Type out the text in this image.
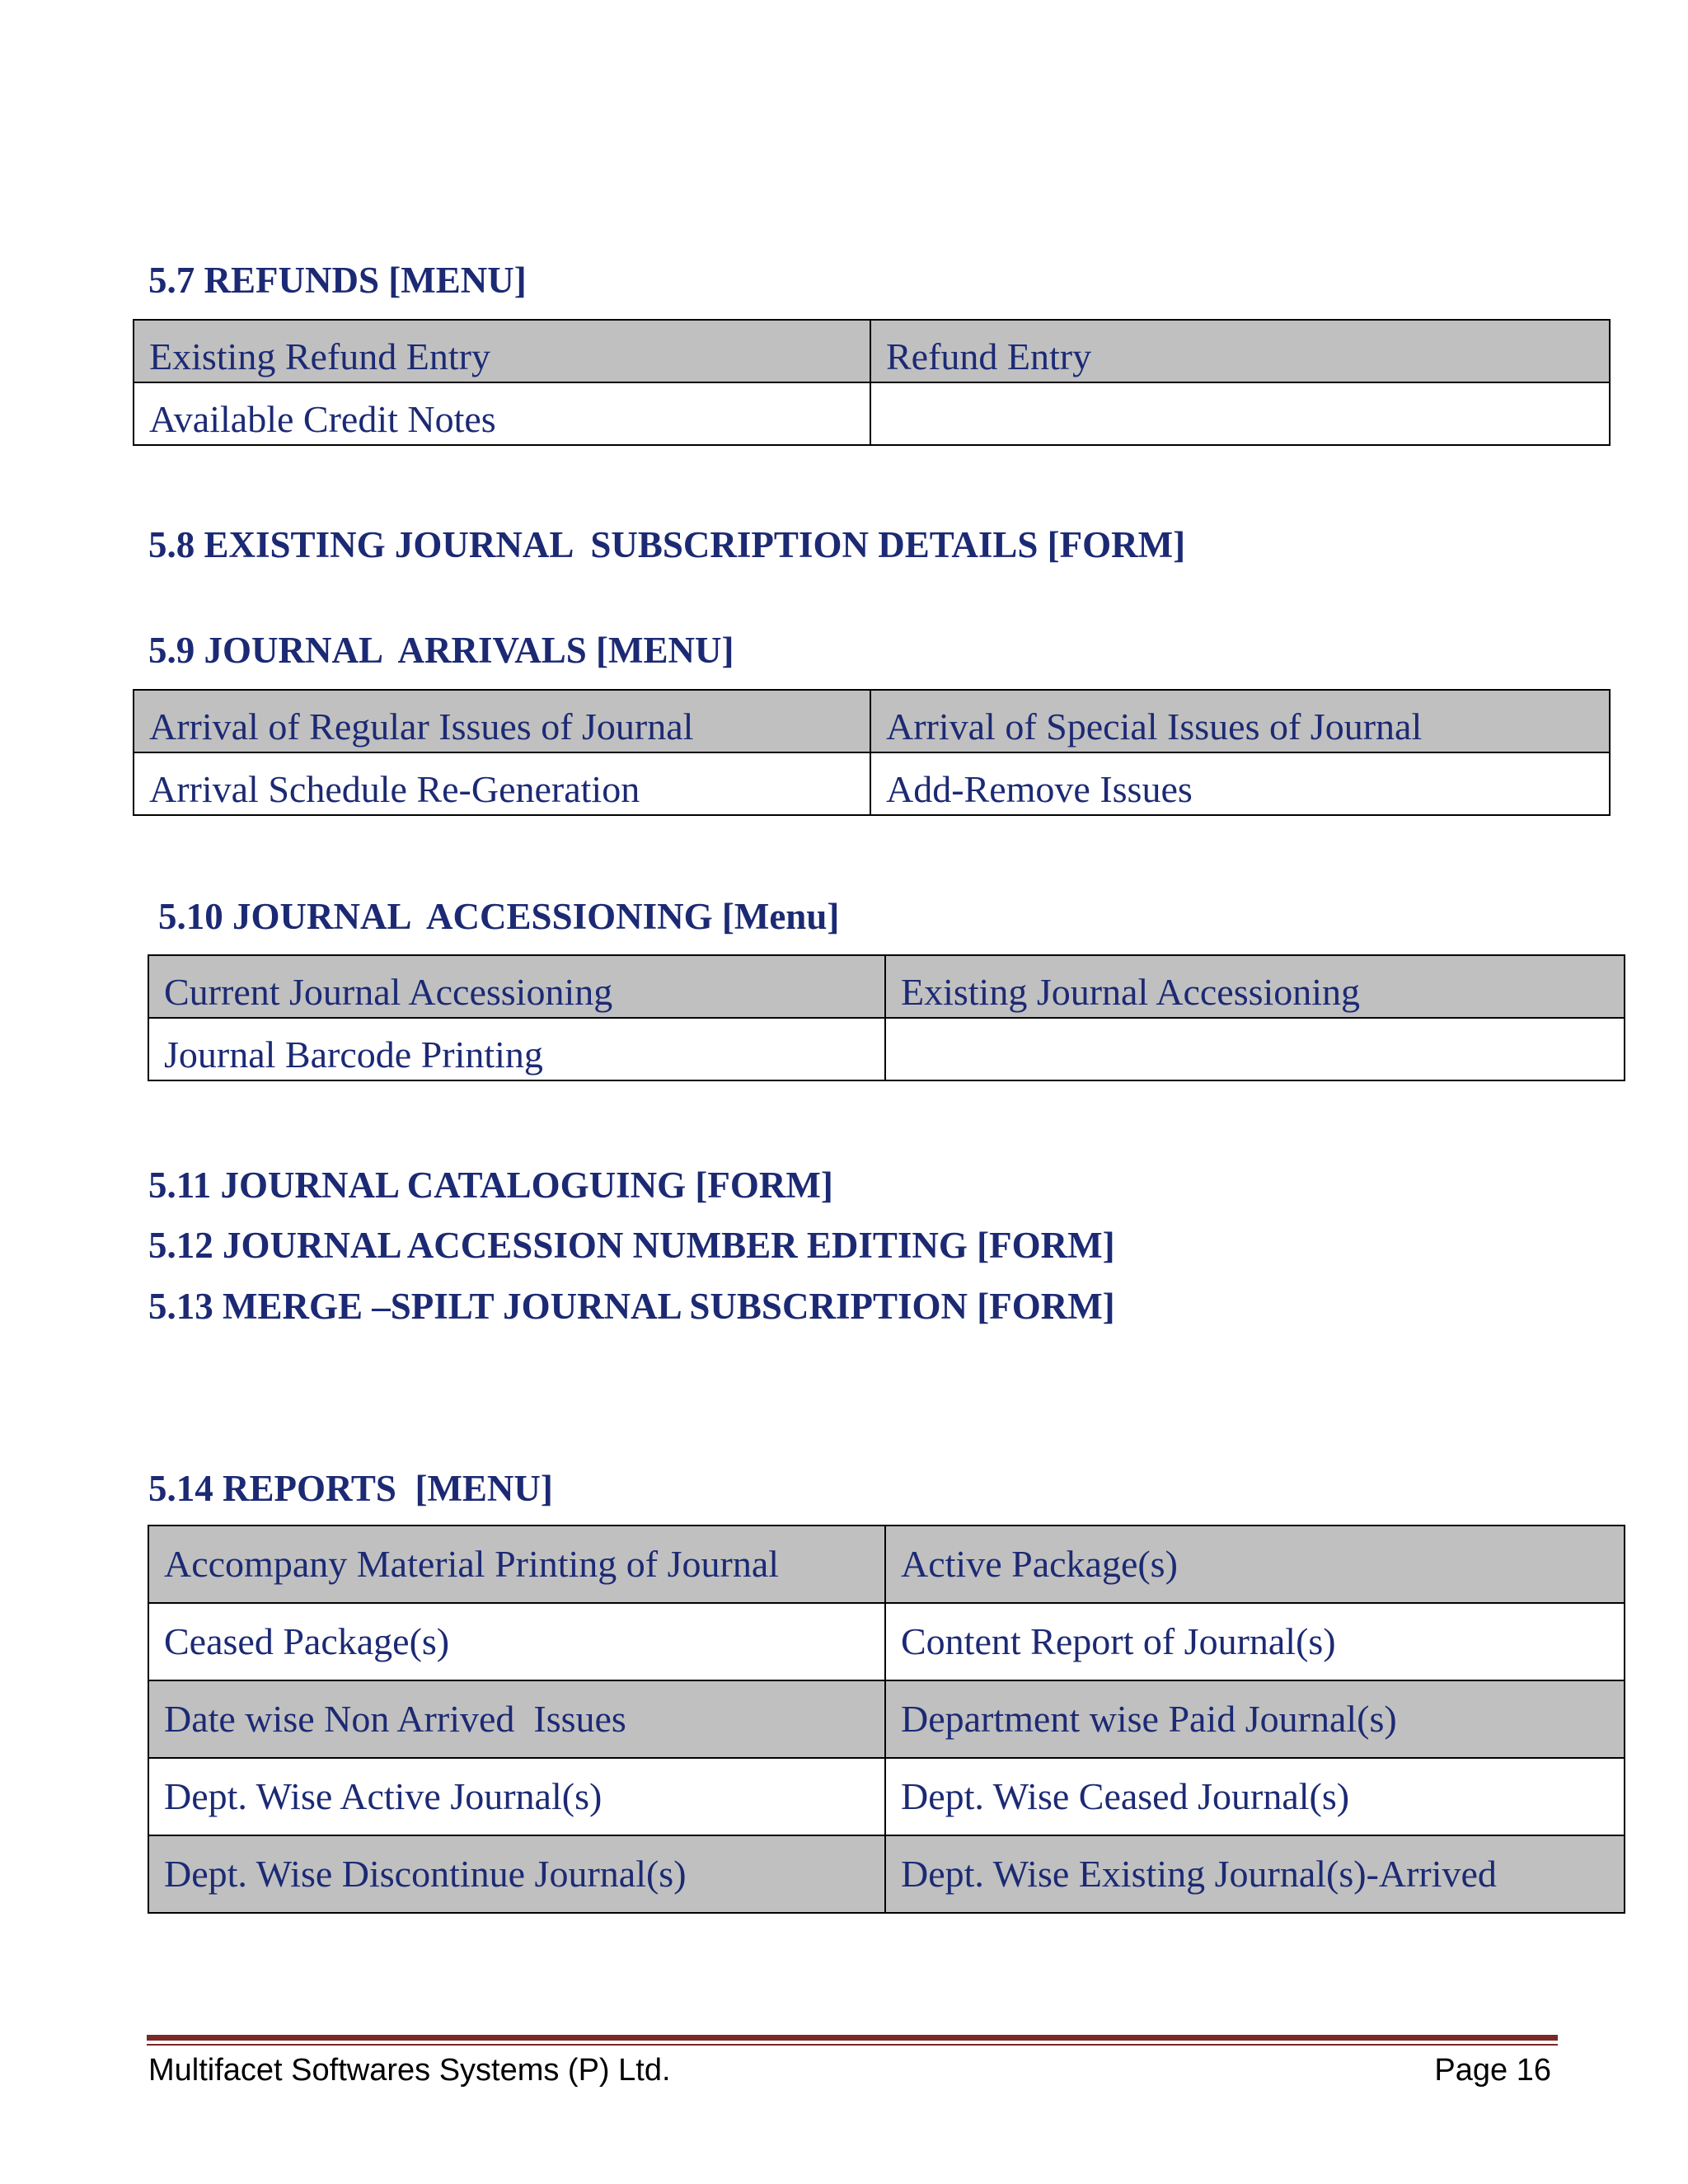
5.7 REFUNDS [MENU]
Existing Refund Entry	Refund Entry
Available Credit Notes	
5.8 EXISTING JOURNAL  SUBSCRIPTION DETAILS [FORM]
5.9 JOURNAL  ARRIVALS [MENU]
Arrival of Regular Issues of Journal	Arrival of Special Issues of Journal
Arrival Schedule Re-Generation	Add-Remove Issues
5.10 JOURNAL  ACCESSIONING [Menu]
Current Journal Accessioning	Existing Journal Accessioning
Journal Barcode Printing	
5.11 JOURNAL CATALOGUING [FORM]
5.12 JOURNAL ACCESSION NUMBER EDITING [FORM]
5.13 MERGE –SPILT JOURNAL SUBSCRIPTION [FORM]
5.14 REPORTS  [MENU]
Accompany Material Printing of Journal	Active Package(s)
Ceased Package(s)	Content Report of Journal(s)
Date wise Non Arrived  Issues	Department wise Paid Journal(s)
Dept. Wise Active Journal(s)	Dept. Wise Ceased Journal(s)
Dept. Wise Discontinue Journal(s)	Dept. Wise Existing Journal(s)-Arrived
Multifacet Softwares Systems (P) Ltd.	Page 16
